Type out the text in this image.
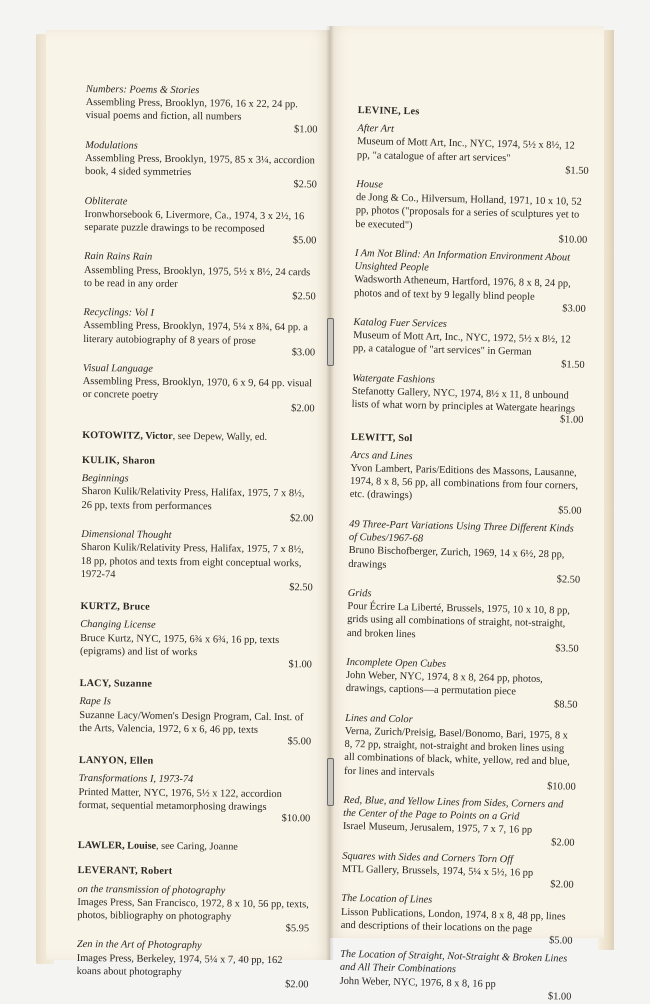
Numbers: Poems & Stories
Assembling Press, Brooklyn, 1976, 16 x 22, 24 pp. visual poems and fiction, all numbers
$1.00
Modulations
Assembling Press, Brooklyn, 1975, 85 x 3¼, accordion book, 4 sided symmetries
$2.50
Obliterate
Ironwhorsebook 6, Livermore, Ca., 1974, 3 x 2½, 16 separate puzzle drawings to be recomposed
$5.00
Rain Rains Rain
Assembling Press, Brooklyn, 1975, 5½ x 8½, 24 cards to be read in any order
$2.50
Recyclings: Vol I
Assembling Press, Brooklyn, 1974, 5¼ x 8¾, 64 pp. a literary autobiography of 8 years of prose
$3.00
Visual Language
Assembling Press, Brooklyn, 1970, 6 x 9, 64 pp. visual or concrete poetry
$2.00
KOTOWITZ, Victor, see Depew, Wally, ed.
KULIK, Sharon
Beginnings
Sharon Kulik/Relativity Press, Halifax, 1975, 7 x 8½, 26 pp, texts from performances
$2.00
Dimensional Thought
Sharon Kulik/Relativity Press, Halifax, 1975, 7 x 8½, 18 pp, photos and texts from eight conceptual works, 1972-74
$2.50
KURTZ, Bruce
Changing License
Bruce Kurtz, NYC, 1975, 6¾ x 6¾, 16 pp, texts (epigrams) and list of works
$1.00
LACY, Suzanne
Rape Is
Suzanne Lacy/Women's Design Program, Cal. Inst. of the Arts, Valencia, 1972, 6 x 6, 46 pp, texts
$5.00
LANYON, Ellen
Transformations I, 1973-74
Printed Matter, NYC, 1976, 5½ x 122, accordion format, sequential metamorphosing drawings
$10.00
LAWLER, Louise, see Caring, Joanne
LEVERANT, Robert
on the transmission of photography
Images Press, San Francisco, 1972, 8 x 10, 56 pp, texts, photos, bibliography on photography
$5.95
Zen in the Art of Photography
Images Press, Berkeley, 1974, 5¼ x 7, 40 pp, 162 koans about photography
$2.00
LEVINE, Les
After Art
Museum of Mott Art, Inc., NYC, 1974, 5½ x 8½, 12 pp, "a catalogue of after art services"
$1.50
House
de Jong & Co., Hilversum, Holland, 1971, 10 x 10, 52 pp, photos ("proposals for a series of sculptures yet to be executed")
$10.00
I Am Not Blind: An Information Environment About Unsighted People
Wadsworth Atheneum, Hartford, 1976, 8 x 8, 24 pp, photos and of text by 9 legally blind people
$3.00
Katalog Fuer Services
Museum of Mott Art, Inc., NYC, 1972, 5½ x 8½, 12 pp, a catalogue of "art services" in German
$1.50
Watergate Fashions
Stefanotty Gallery, NYC, 1974, 8½ x 11, 8 unbound lists of what worn by principles at Watergate hearings
$1.00
LEWITT, Sol
Arcs and Lines
Yvon Lambert, Paris/Editions des Massons, Lausanne, 1974, 8 x 8, 56 pp, all combinations from four corners, etc. (drawings)
$5.00
49 Three-Part Variations Using Three Different Kinds of Cubes/1967-68
Bruno Bischofberger, Zurich, 1969, 14 x 6½, 28 pp, drawings
$2.50
Grids
Pour Écrire La Liberté, Brussels, 1975, 10 x 10, 8 pp, grids using all combinations of straight, not-straight, and broken lines
$3.50
Incomplete Open Cubes
John Weber, NYC, 1974, 8 x 8, 264 pp, photos, drawings, captions—a permutation piece
$8.50
Lines and Color
Verna, Zurich/Preisig, Basel/Bonomo, Bari, 1975, 8 x 8, 72 pp, straight, not-straight and broken lines using all combinations of black, white, yellow, red and blue, for lines and intervals
$10.00
Red, Blue, and Yellow Lines from Sides, Corners and the Center of the Page to Points on a Grid
Israel Museum, Jerusalem, 1975, 7 x 7, 16 pp
$2.00
Squares with Sides and Corners Torn Off
MTL Gallery, Brussels, 1974, 5¼ x 5½, 16 pp
$2.00
The Location of Lines
Lisson Publications, London, 1974, 8 x 8, 48 pp, lines and descriptions of their locations on the page
$5.00
The Location of Straight, Not-Straight & Broken Lines and All Their Combinations
John Weber, NYC, 1976, 8 x 8, 16 pp
$1.00
